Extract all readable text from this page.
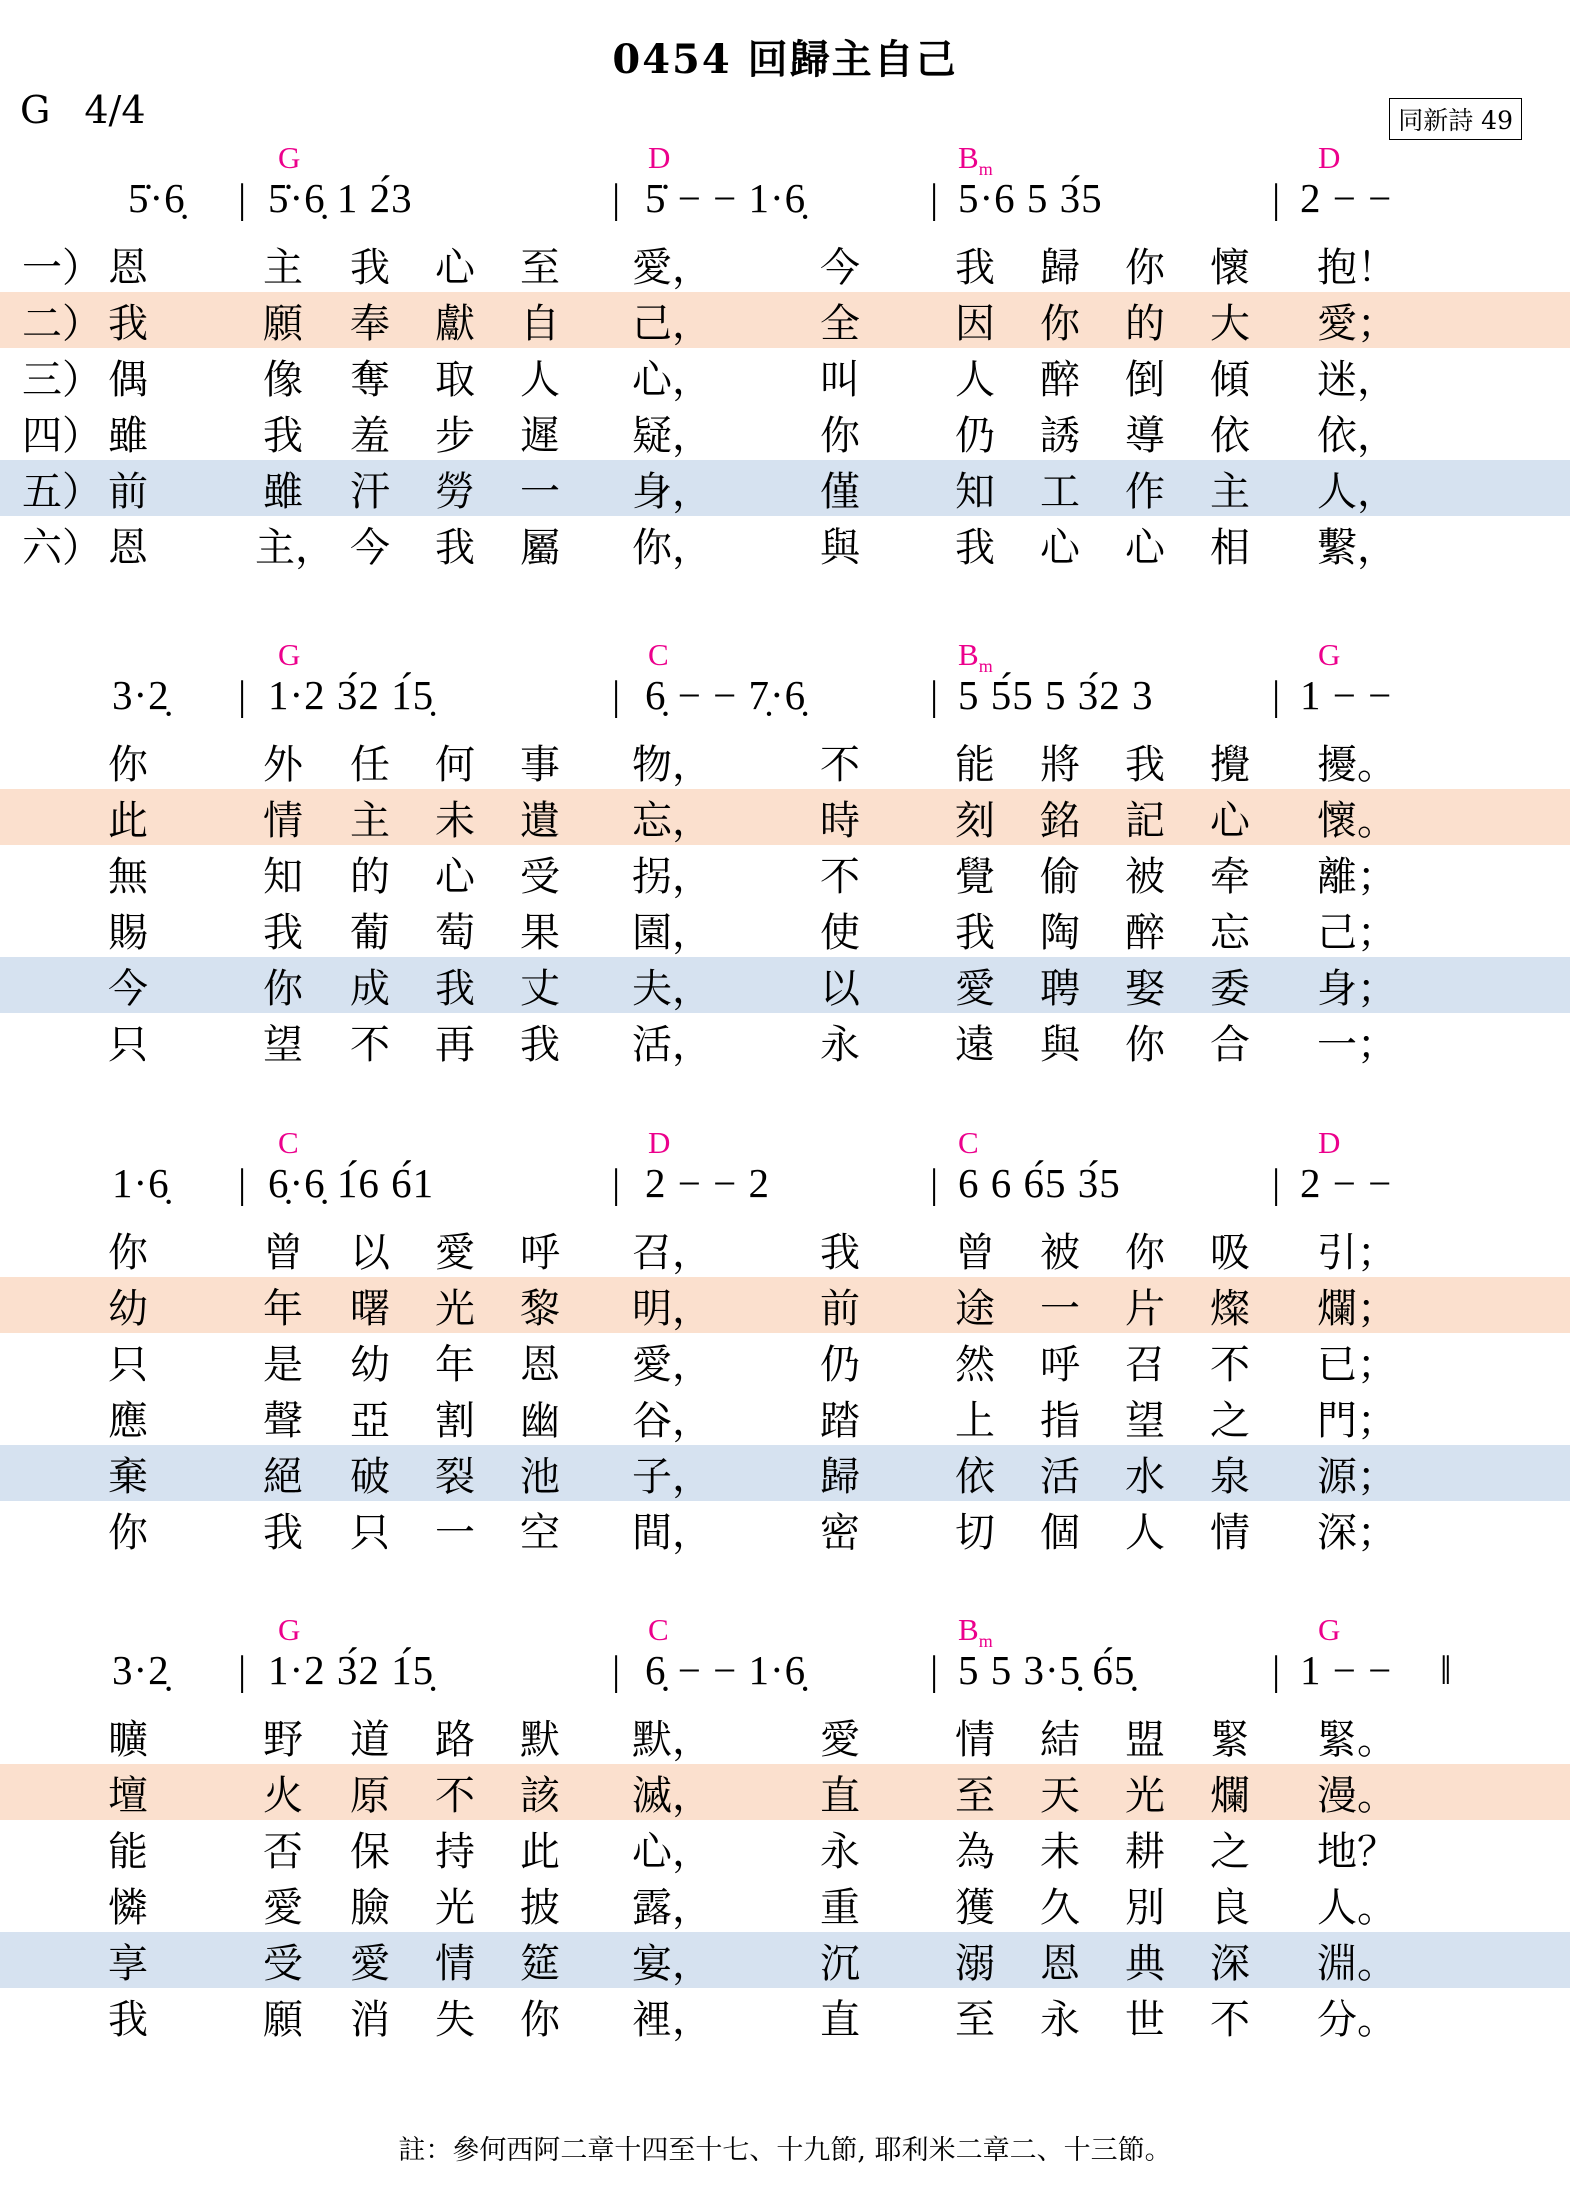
0454 回歸主自己
G 4/4	同新詩 49
G	D	$B_m$	D
5̇·6̣ | 5̇·6̣ 1 2́3	| 5̇ − − 1·6̣	| 5·6 5 3́5	| 2 − −
一） 恩	主 我 心 至 愛，	今 我 歸 你 懷 抱！
二） 我	願 奉 獻 自 己，	全 因 你 的 大 愛；
三） 偶	像 奪 取 人 心，	叫 人 醉 倒 傾 迷，
四） 雖	我 羞 步 遲 疑，	你 仍 誘 導 依 依，
五） 前	雖 汗 勞 一 身，	僅 知 工 作 主 人，
六） 恩	主， 今 我 屬 你，	與 我 心 心 相 繫，
G	C	$B_m$	G
3·2̣ | 1·2 3́2 1́5̣	| 6̣ − − 7̣·6̣	| 5 5́5 5 3́2 3	| 1 − −
你	外 任 何 事 物，	不 能 將 我 攪 擾。
此	情 主 未 遺 忘，	時 刻 銘 記 心 懷。
無	知 的 心 受 拐，	不 覺 偷 被 牵 離；
賜	我 葡 萄 果 園，	使 我 陶 醉 忘 己；
今	你 成 我 丈 夫，	以 愛 聘 娶 委 身；
只	望 不 再 我 活，	永 遠 與 你 合 一；
C	D	C	D
1·6̣ | 6̣·6̣ 1́6 6́1	| 2 − − 2	| 6 6 6́5 3́5	| 2 − −
你	曾 以 愛 呼 召，	我 曾 被 你 吸 引；
幼	年 曙 光 黎 明，	前 途 一 片 燦 爛；
只	是 幼 年 恩 愛，	仍 然 呼 召 不 已；
應	聲 亞 割 幽 谷，	踏 上 指 望 之 門；
棄	絕 破 裂 池 子，	歸 依 活 水 泉 源；
你	我 只 一 空 間，	密 切 個 人 情 深；
G	C	$B_m$	G
3·2̣ | 1·2 3́2 1́5̣	| 6̣ − − 1·6̣	| 5 5 3·5̣ 6́5̣	| 1 − − ‖
曠	野 道 路 默 默，	愛 情 結 盟 緊 緊。
壇	火 原 不 該 滅，	直 至 天 光 爛 漫。
能	否 保 持 此 心，	永 為 未 耕 之 地？
憐	愛 臉 光 披 露，	重 獲 久 別 良 人。
享	受 愛 情 筵 宴，	沉 溺 恩 典 深 淵。
我	願 消 失 你 裡，	直 至 永 世 不 分。
註：參何西阿二章十四至十七、十九節, 耶利米二章二、十三節。
